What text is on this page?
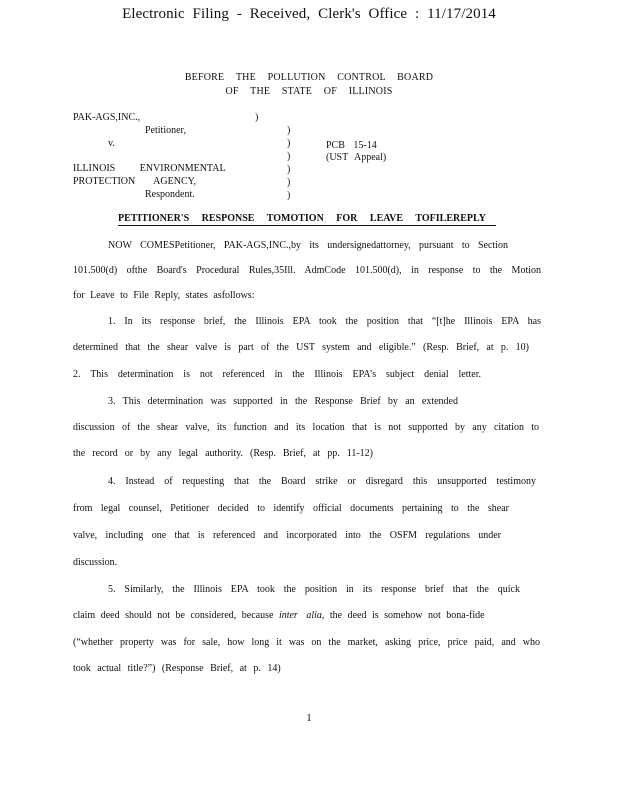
Electronic Filing - Received, Clerk's Office : 11/17/2014
BEFORE THE POLLUTION CONTROL BOARD
OF THE STATE OF ILLINOIS
PAK-AGS,INC.,	)
Petitioner,
v.
)
)
)
)
)
)
PCB 15-14
(UST Appeal)
ILLINOIS ENVIRONMENTAL
PROTECTION AGENCY,
Respondent.
PETITIONER'S RESPONSE TOMOTION FOR LEAVE TOFILEREPLY
NOW COMESPetitioner, PAK-AGS,INC.,by its undersignedattorney, pursuant to Section
101.500(d) ofthe Board's Procedural Rules,35Ill. AdmCode 101.500(d), in response to the Motion
for Leave to File Reply, states asfollows:
1. In its response brief, the Illinois EPA took the position that “[t]he Illinois EPA has
determined that the shear valve is part of the UST system and eligible.” (Resp. Brief, at p. 10)
2. This determination is not referenced in the Illinois EPA’s subject denial letter.
3. This determination was supported in the Response Brief by an extended
discussion of the shear valve, its function and its location that is not supported by any citation to
the record or by any legal authority. (Resp. Brief, at pp. 11-12)
4. Instead of requesting that the Board strike or disregard this unsupported testimony
from legal counsel, Petitioner decided to identify official documents pertaining to the shear
valve, including one that is referenced and incorporated into the OSFM regulations under
discussion.
5. Similarly, the Illinois EPA took the position in its response brief that the quick
claim deed should not be considered, because inter alia, the deed is somehow not bona-fide
(“whether property was for sale, how long it was on the market, asking price, price paid, and who
took actual title?”) (Response Brief, at p. 14)
1
